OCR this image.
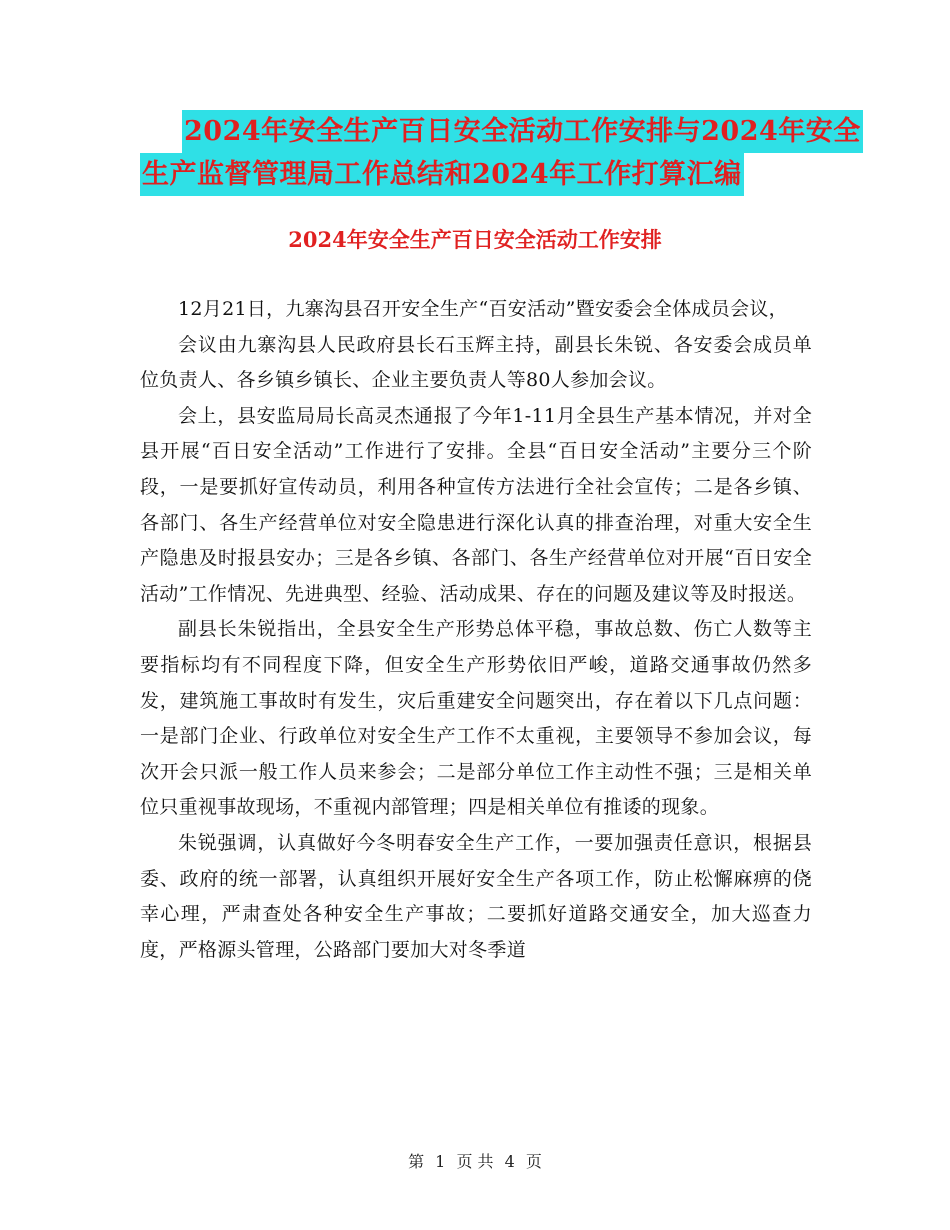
2024年安全生产百日安全活动工作安排与2024年安全
生产监督管理局工作总结和2024年工作打算汇编
2024年安全生产百日安全活动工作安排

12月21日，九寨沟县召开安全生产“百安活动”暨安委会全体成员会议，

会议由九寨沟县人民政府县长石玉辉主持，副县长朱锐、各安委会成员单位负责人、各乡镇乡镇长、企业主要负责人等80人参加会议。

会上，县安监局局长高灵杰通报了今年1-11月全县生产基本情况，并对全县开展“百日安全活动”工作进行了安排。全县“百日安全活动”主要分三个阶段，一是要抓好宣传动员，利用各种宣传方法进行全社会宣传；二是各乡镇、各部门、各生产经营单位对安全隐患进行深化认真的排查治理，对重大安全生产隐患及时报县安办；三是各乡镇、各部门、各生产经营单位对开展“百日安全活动”工作情况、先进典型、经验、活动成果、存在的问题及建议等及时报送。

副县长朱锐指出，全县安全生产形势总体平稳，事故总数、伤亡人数等主要指标均有不同程度下降，但安全生产形势依旧严峻，道路交通事故仍然多发，建筑施工事故时有发生，灾后重建安全问题突出，存在着以下几点问题：一是部门企业、行政单位对安全生产工作不太重视，主要领导不参加会议，每次开会只派一般工作人员来参会；二是部分单位工作主动性不强；三是相关单位只重视事故现场，不重视内部管理；四是相关单位有推诿的现象。

朱锐强调，认真做好今冬明春安全生产工作，一要加强责任意识，根据县委、政府的统一部署，认真组织开展好安全生产各项工作，防止松懈麻痹的侥幸心理，严肃查处各种安全生产事故；二要抓好道路交通安全，加大巡查力度，严格源头管理，公路部门要加大对冬季道

第 1 页 共 4 页
